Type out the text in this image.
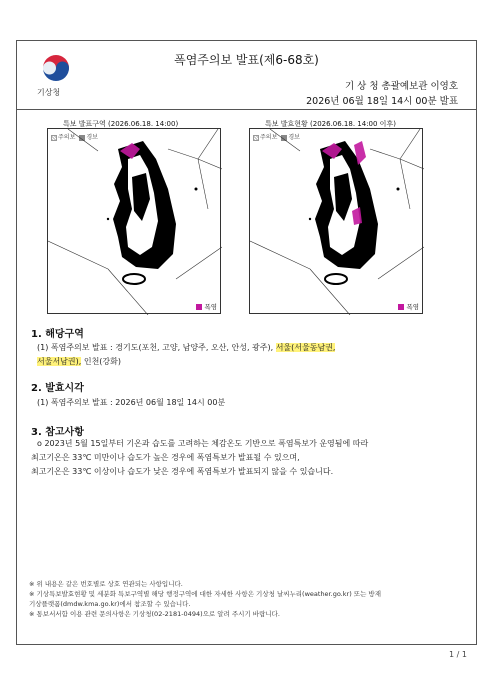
기상청
폭염주의보 발표(제6-68호)
기 상 청 총괄예보관 이영호
2026년 06월 18일 14시 00분 발표
특보 발표구역 (2026.06.18. 14:00)	특보 발효현황 (2026.06.18. 14:00 이후)
주의보	경보
폭염
주의보	경보
폭염
1. 해당구역
(1) 폭염주의보 발표 : 경기도(포천, 고양, 남양주, 오산, 안성, 광주), 서울(서울동남권,
서울서남권), 인천(강화)
2. 발효시각
(1) 폭염주의보 발표 : 2026년 06월 18일 14시 00분
3. 참고사항
o 2023년 5월 15일부터 기온과 습도를 고려하는 체감온도 기반으로 폭염특보가 운영됨에 따라
최고기온은 33℃ 미만이나 습도가 높은 경우에 폭염특보가 발표될 수 있으며,
최고기온은 33℃ 이상이나 습도가 낮은 경우에 폭염특보가 발표되지 않을 수 있습니다.
※ 위 내용은 같은 번호별로 상호 연관되는 사항입니다.
※ 기상특보발효현황 및 세분화 특보구역별 해당 행정구역에 대한 자세한 사항은 기상청 날씨누리(weather.go.kr) 또는 방재
기상플랫폼(dmdw.kma.go.kr)에서 참조할 수 있습니다.
※ 통보서서함 이용 관련 문의사항은 기상청(02-2181-0494)으로 알려 주시기 바랍니다.
1 / 1
